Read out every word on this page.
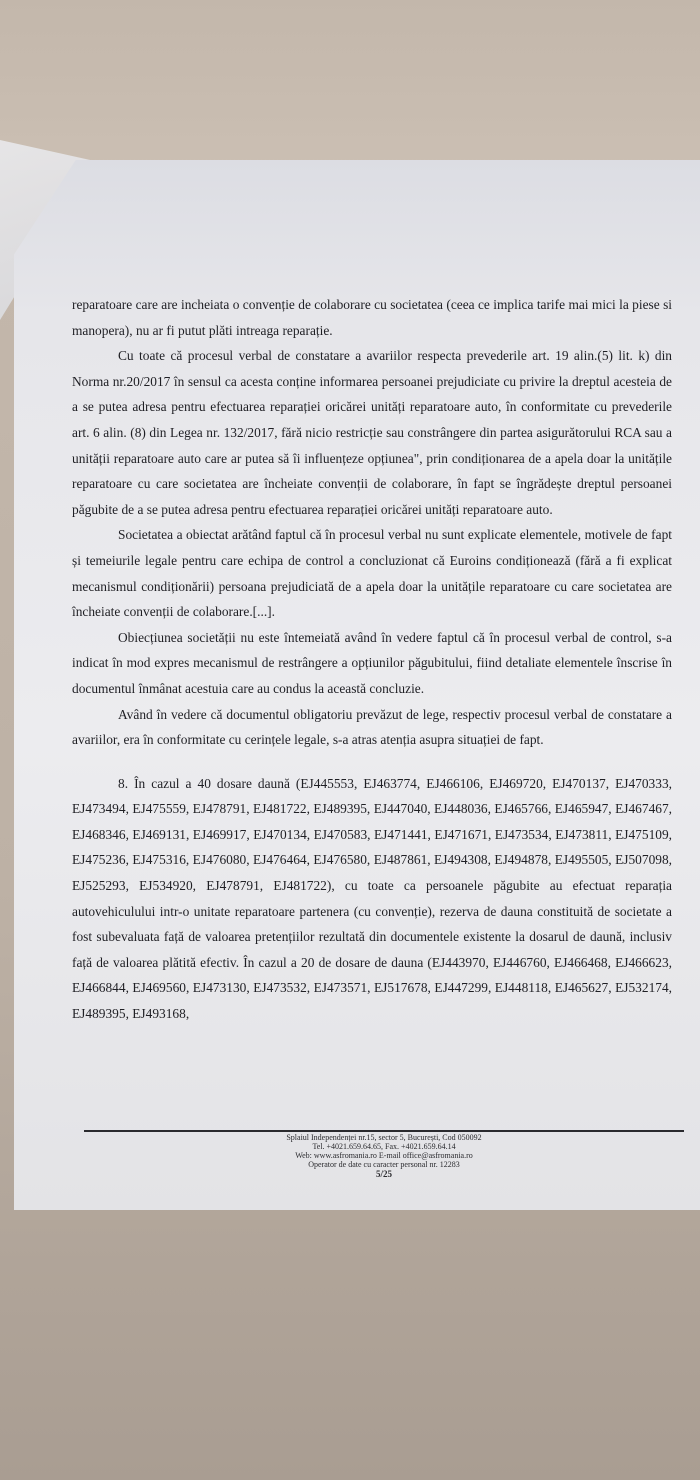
reparatoare care are incheiata o convenție de colaborare cu societatea (ceea ce implica tarife mai mici la piese si manopera), nu ar fi putut plăti intreaga reparație.

Cu toate că procesul verbal de constatare a avariilor respecta prevederile art. 19 alin.(5) lit. k) din Norma nr.20/2017 în sensul ca acesta conține informarea persoanei prejudiciate cu privire la dreptul acesteia de a se putea adresa pentru efectuarea reparației oricărei unități reparatoare auto, în conformitate cu prevederile art. 6 alin. (8) din Legea nr. 132/2017, fără nicio restricție sau constrângere din partea asigurătorului RCA sau a unității reparatoare auto care ar putea să îi influențeze opțiunea", prin condiționarea de a apela doar la unitățile reparatoare cu care societatea are încheiate convenții de colaborare, în fapt se îngrădește dreptul persoanei păgubite de a se putea adresa pentru efectuarea reparației oricărei unități reparatoare auto.

Societatea a obiectat arătând faptul că în procesul verbal nu sunt explicate elementele, motivele de fapt și temeiurile legale pentru care echipa de control a concluzionat că Euroins condiționează (fără a fi explicat mecanismul condiționării) persoana prejudiciată de a apela doar la unitățile reparatoare cu care societatea are încheiate convenții de colaborare.[...].

Obiecțiunea societății nu este întemeiată având în vedere faptul că în procesul verbal de control, s-a indicat în mod expres mecanismul de restrângere a opțiunilor păgubitului, fiind detaliate elementele înscrise în documentul înmânat acestuia care au condus la această concluzie.

Având în vedere că documentul obligatoriu prevăzut de lege, respectiv procesul verbal de constatare a avariilor, era în conformitate cu cerințele legale, s-a atras atenția asupra situației de fapt.

8. În cazul a 40 dosare daună (EJ445553, EJ463774, EJ466106, EJ469720, EJ470137, EJ470333, EJ473494, EJ475559, EJ478791, EJ481722, EJ489395, EJ447040, EJ448036, EJ465766, EJ465947, EJ467467, EJ468346, EJ469131, EJ469917, EJ470134, EJ470583, EJ471441, EJ471671, EJ473534, EJ473811, EJ475109, EJ475236, EJ475316, EJ476080, EJ476464, EJ476580, EJ487861, EJ494308, EJ494878, EJ495505, EJ507098, EJ525293, EJ534920, EJ478791, EJ481722), cu toate ca persoanele păgubite au efectuat reparația autovehiculului intr-o unitate reparatoare partenera (cu convenție), rezerva de dauna constituită de societate a fost subevaluata față de valoarea pretențiilor rezultată din documentele existente la dosarul de daună, inclusiv față de valoarea plătită efectiv. În cazul a 20 de dosare de dauna (EJ443970, EJ446760, EJ466468, EJ466623, EJ466844, EJ469560, EJ473130, EJ473532, EJ473571, EJ517678, EJ447299, EJ448118, EJ465627, EJ532174, EJ489395, EJ493168,

Splaiul Independenței nr.15, sector 5, București, Cod 050092
Tel. +4021.659.64.65, Fax. +4021.659.64.14
Web: www.asfromania.ro E-mail office@asfromania.ro
Operator de date cu caracter personal nr. 12283
5/25
